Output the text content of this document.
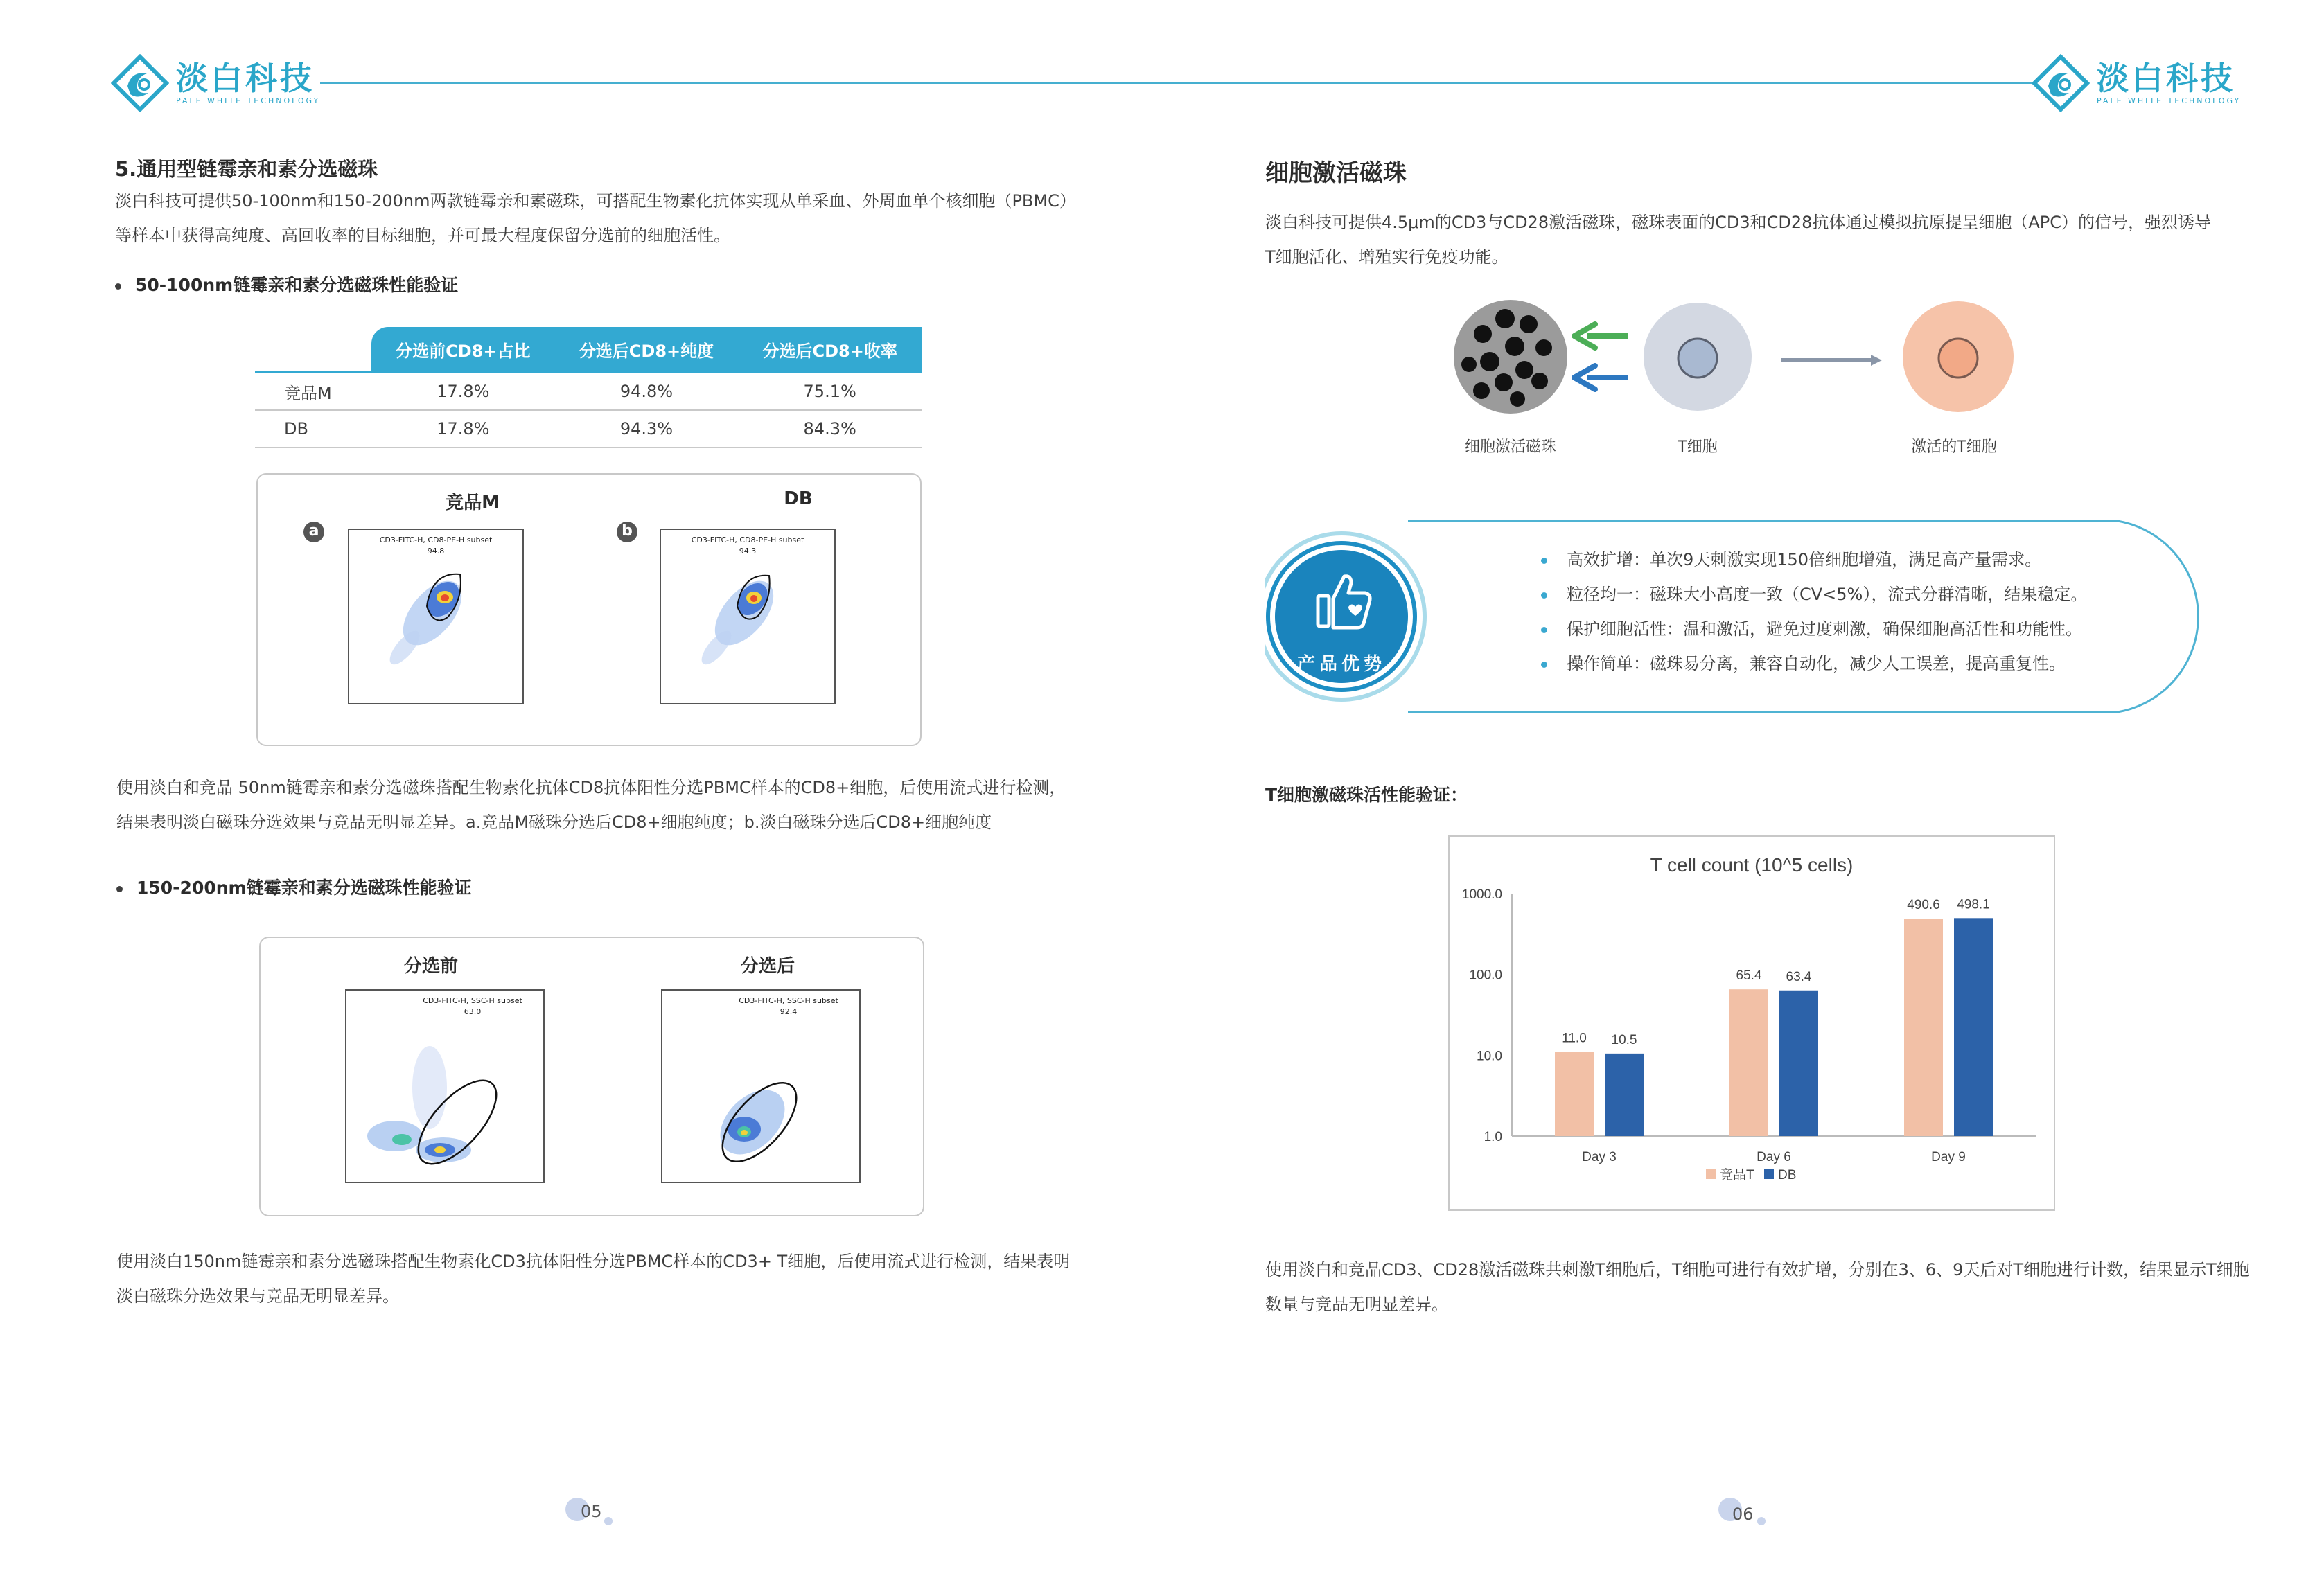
淡白科技
PALE WHITE TECHNOLOGY
淡白科技
PALE WHITE TECHNOLOGY
5.通用型链霉亲和素分选磁珠
淡白科技可提供50-100nm和150-200nm两款链霉亲和素磁珠，可搭配生物素化抗体实现从单采血、外周血单个核细胞（PBMC）
等样本中获得高纯度、高回收率的目标细胞，并可最大程度保留分选前的细胞活性。
50-100nm链霉亲和素分选磁珠性能验证
	分选前CD8+占比	分选后CD8+纯度	分选后CD8+收率
竞品M	17.8%	94.8%	75.1%
DB	17.8%	94.3%	84.3%
竞品M	DB
a	b
CD3-FITC-H, CD8-PE-H subset
94.8
CD3-FITC-H, CD8-PE-H subset
94.3
使用淡白和竞品 50nm链霉亲和素分选磁珠搭配生物素化抗体CD8抗体阳性分选PBMC样本的CD8+细胞，后使用流式进行检测，
结果表明淡白磁珠分选效果与竞品无明显差异。a.竞品M磁珠分选后CD8+细胞纯度；b.淡白磁珠分选后CD8+细胞纯度
150-200nm链霉亲和素分选磁珠性能验证
分选前	分选后
CD3-FITC-H, SSC-H subset
63.0
CD3-FITC-H, SSC-H subset
92.4
使用淡白150nm链霉亲和素分选磁珠搭配生物素化CD3抗体阳性分选PBMC样本的CD3+ T细胞，后使用流式进行检测，结果表明
淡白磁珠分选效果与竞品无明显差异。
05
细胞激活磁珠
淡白科技可提供4.5μm的CD3与CD28激活磁珠，磁珠表面的CD3和CD28抗体通过模拟抗原提呈细胞（APC）的信号，强烈诱导
T细胞活化、增殖实行免疫功能。
细胞激活磁珠	T细胞	激活的T细胞
产品优势
高效扩增：单次9天刺激实现150倍细胞增殖，满足高产量需求。
粒径均一：磁珠大小高度一致（CV<5%），流式分群清晰，结果稳定。
保护细胞活性：温和激活，避免过度刺激，确保细胞高活性和功能性。
操作简单：磁珠易分离，兼容自动化，减少人工误差，提高重复性。
T细胞激磁珠活性能验证：
T cell count (10^5 cells)
1000.0
100.0
10.0
1.0
11.0 10.5
Day 3
65.4 63.4
Day 6
490.6 498.1
Day 9
竞品T DB
使用淡白和竞品CD3、CD28激活磁珠共刺激T细胞后，T细胞可进行有效扩增，分别在3、6、9天后对T细胞进行计数，结果显示T细胞
数量与竞品无明显差异。
06
